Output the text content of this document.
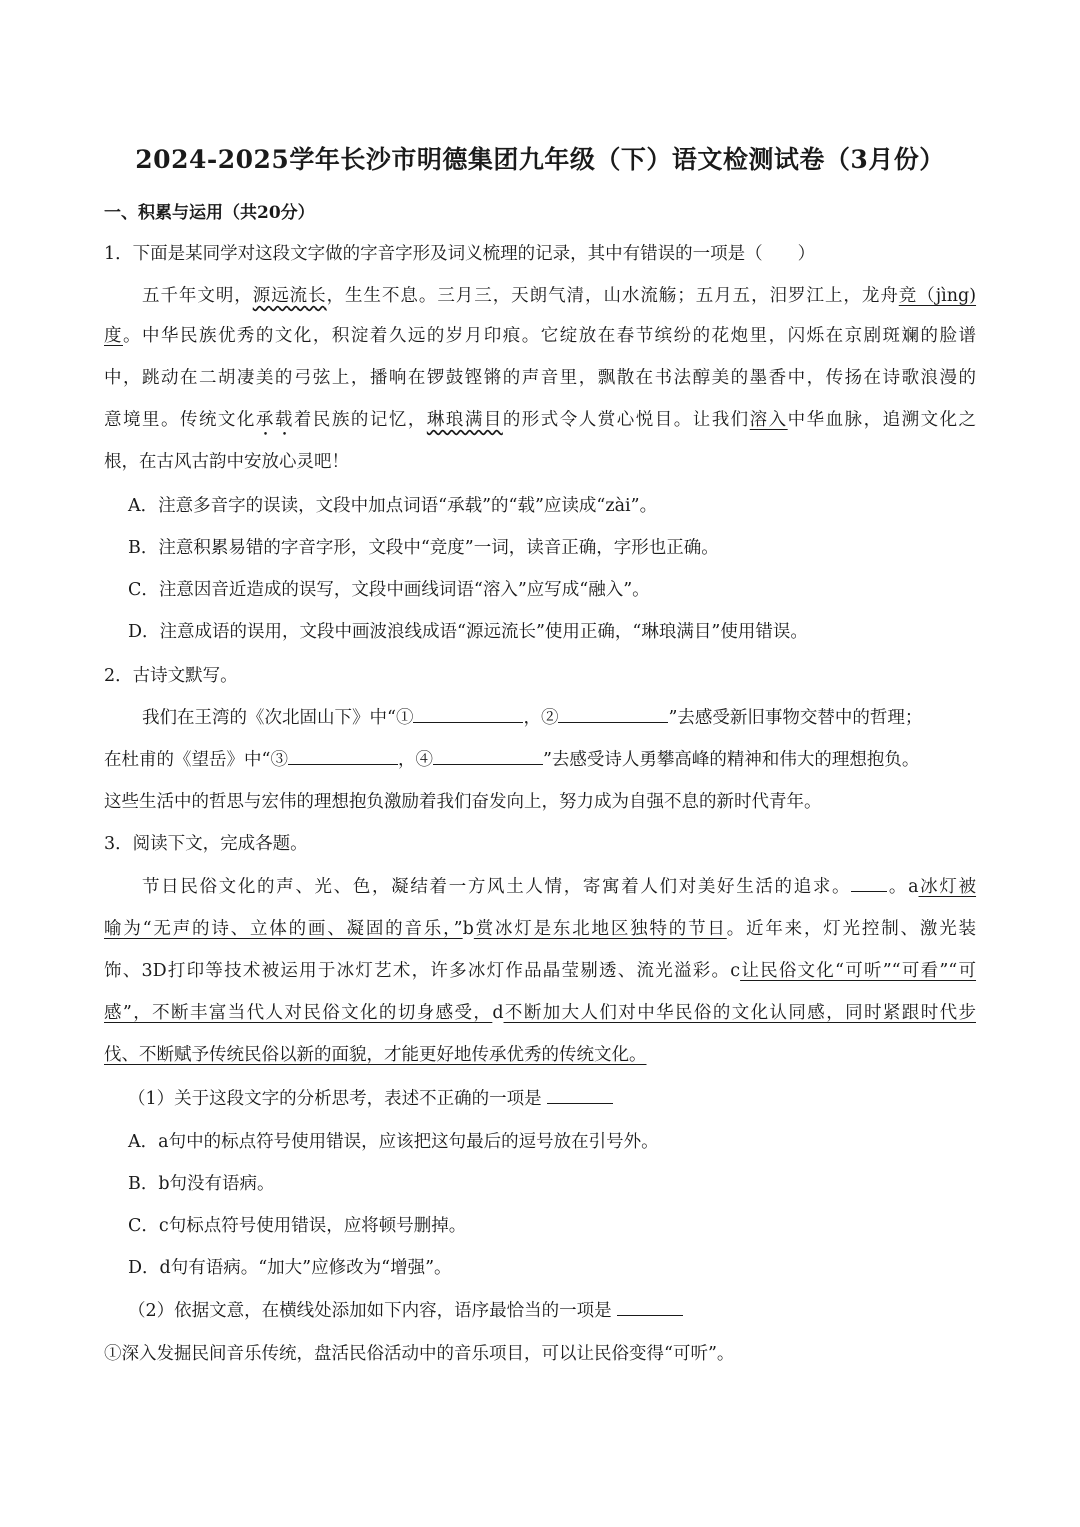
2024-2025学年长沙市明德集团九年级（下）语文检测试卷（3月份）
一、积累与运用（共20分）
1．下面是某同学对这段文字做的字音字形及词义梳理的记录，其中有错误的一项是（　　）
五千年文明，源远流长，生生不息。三月三，天朗气清，山水流觞；五月五，汨罗江上，龙舟竞（jìng)
度。中华民族优秀的文化，积淀着久远的岁月印痕。它绽放在春节缤纷的花炮里，闪烁在京剧斑斓的脸谱
中，跳动在二胡凄美的弓弦上，播响在锣鼓铿锵的声音里，飘散在书法醇美的墨香中，传扬在诗歌浪漫的
意境里。传统文化承载着民族的记忆，琳琅满目的形式令人赏心悦目。让我们溶入中华血脉，追溯文化之
根，在古风古韵中安放心灵吧！
A．注意多音字的误读，文段中加点词语“承载”的“载”应读成“zài”。
B．注意积累易错的字音字形，文段中“竞度”一词，读音正确，字形也正确。
C．注意因音近造成的误写，文段中画线词语“溶入”应写成“融入”。
D．注意成语的误用，文段中画波浪线成语“源远流长”使用正确，“琳琅满目”使用错误。
2．古诗文默写。
我们在王湾的《次北固山下》中“①	，②	”去感受新旧事物交替中的哲理；
在杜甫的《望岳》中“③	，④	”去感受诗人勇攀高峰的精神和伟大的理想抱负。
这些生活中的哲思与宏伟的理想抱负激励着我们奋发向上，努力成为自强不息的新时代青年。
3．阅读下文，完成各题。
节日民俗文化的声、光、色，凝结着一方风土人情，寄寓着人们对美好生活的追求。 。a冰灯被
喻为“无声的诗、立体的画、凝固的音乐，”b赏冰灯是东北地区独特的节日。近年来，灯光控制、激光装
饰、3D打印等技术被运用于冰灯艺术，许多冰灯作品晶莹剔透、流光溢彩。c让民俗文化“可听”“可看”“可
感”，不断丰富当代人对民俗文化的切身感受，d不断加大人们对中华民俗的文化认同感，同时紧跟时代步
伐、不断赋予传统民俗以新的面貌，才能更好地传承优秀的传统文化。
（1）关于这段文字的分析思考，表述不正确的一项是
A．a句中的标点符号使用错误，应该把这句最后的逗号放在引号外。
B．b句没有语病。
C．c句标点符号使用错误，应将顿号删掉。
D．d句有语病。“加大”应修改为“增强”。
（2）依据文意，在横线处添加如下内容，语序最恰当的一项是
①深入发掘民间音乐传统，盘活民俗活动中的音乐项目，可以让民俗变得“可听”。
